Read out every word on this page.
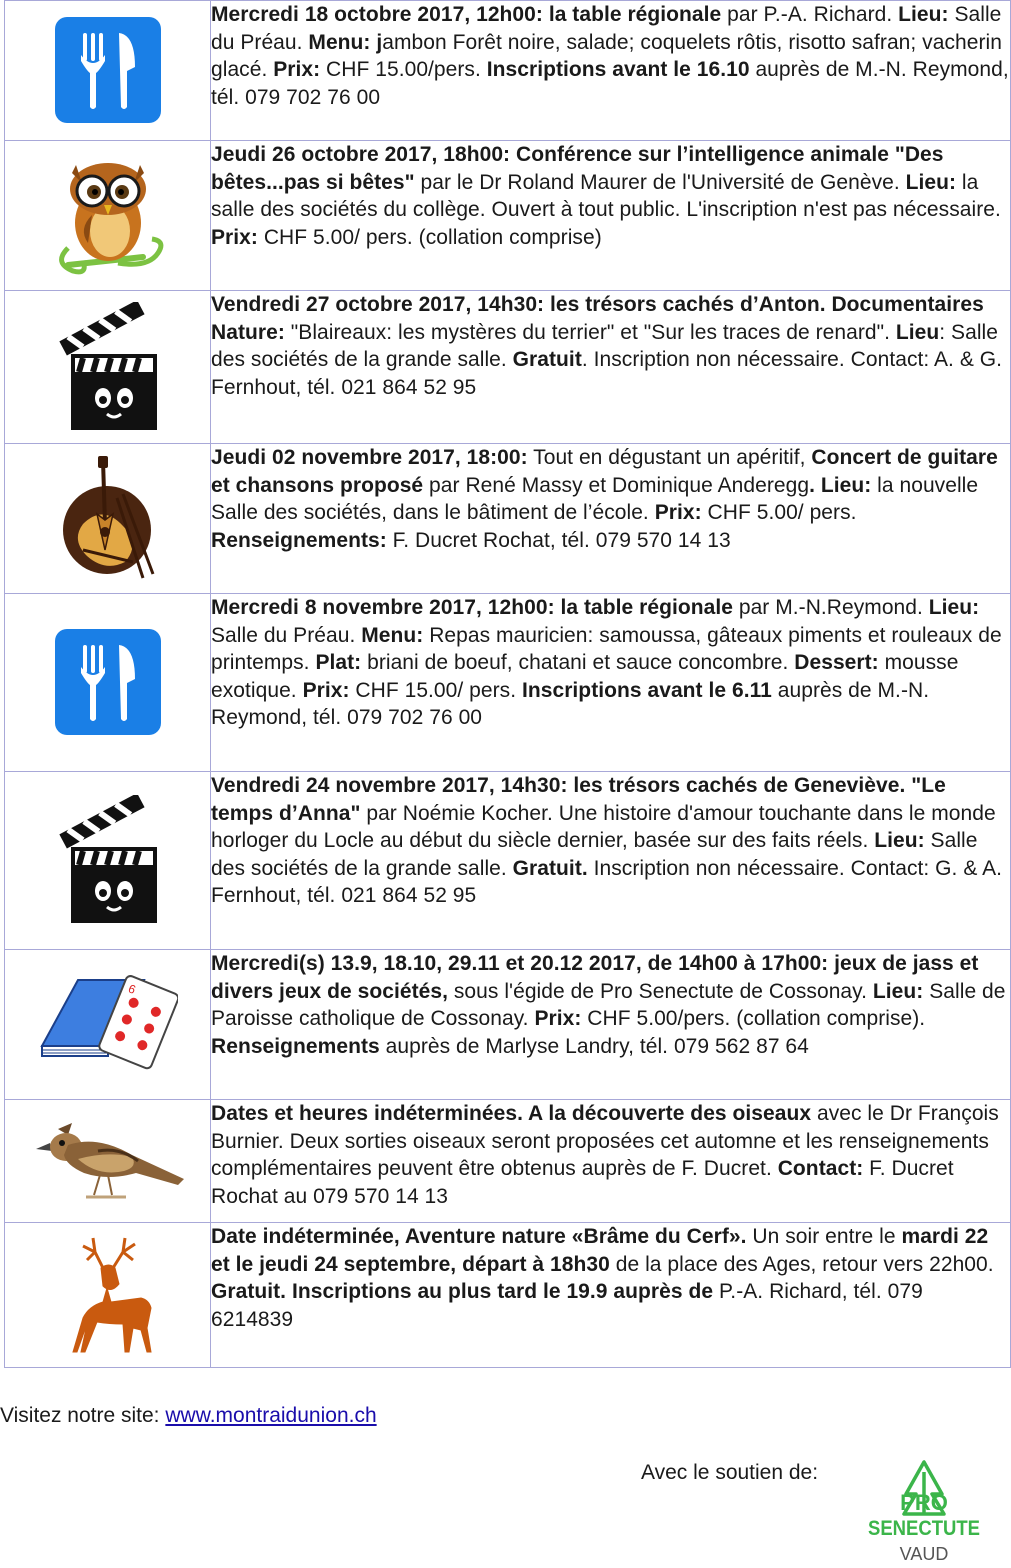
	Mercredi 18 octobre 2017, 12h00: la table régionale par P.-A. Richard. Lieu: Salle du Préau. Menu: jambon Forêt noire, salade; coquelets rôtis, risotto safran; vacherin glacé. Prix: CHF 15.00/pers. Inscriptions avant le 16.10 auprès de M.-N. Reymond, tél. 079 702 76 00

	Jeudi 26 octobre 2017, 18h00: Conférence sur l’intelligence animale "Des bêtes...pas si bêtes" par le Dr Roland Maurer de l'Université de Genève. Lieu: la salle des sociétés du collège. Ouvert à tout public. L'inscription n'est pas nécessaire. Prix: CHF 5.00/ pers. (collation comprise)

	Vendredi 27 octobre 2017, 14h30: les trésors cachés d’Anton. Documentaires Nature: "Blaireaux: les mystères du terrier" et "Sur les traces de renard". Lieu: Salle des sociétés de la grande salle. Gratuit. Inscription non nécessaire. Contact: A. & G. Fernhout, tél. 021 864 52 95

	Jeudi 02 novembre 2017, 18:00: Tout en dégustant un apéritif, Concert de guitare et chansons proposé par René Massy et Dominique Anderegg. Lieu: la nouvelle Salle des sociétés, dans le bâtiment de l’école. Prix: CHF 5.00/ pers. Renseignements: F. Ducret Rochat, tél. 079 570 14 13

	Mercredi 8 novembre 2017, 12h00: la table régionale par M.-N.Reymond. Lieu: Salle du Préau. Menu: Repas mauricien: samoussa, gâteaux piments et rouleaux de printemps. Plat: briani de boeuf, chatani et sauce concombre. Dessert: mousse exotique. Prix: CHF 15.00/ pers. Inscriptions avant le 6.11 auprès de M.-N. Reymond, tél. 079 702 76 00

	Vendredi 24 novembre 2017, 14h30: les trésors cachés de Geneviève. "Le temps d’Anna" par Noémie Kocher. Une histoire d'amour touchante dans le monde horloger du Locle au début du siècle dernier, basée sur des faits réels. Lieu: Salle des sociétés de la grande salle. Gratuit. Inscription non nécessaire. Contact: G. & A. Fernhout, tél. 021 864 52 95

6	Mercredi(s) 13.9, 18.10, 29.11 et 20.12 2017, de 14h00 à 17h00: jeux de jass et divers jeux de sociétés, sous l'égide de Pro Senectute de Cossonay. Lieu: Salle de Paroisse catholique de Cossonay. Prix: CHF 5.00/pers. (collation comprise). Renseignements auprès de Marlyse Landry, tél. 079 562 87 64

	Dates et heures indéterminées. A la découverte des oiseaux avec le Dr François Burnier. Deux sorties oiseaux seront proposées cet automne et les renseignements complémentaires peuvent être obtenus auprès de F. Ducret. Contact: F. Ducret Rochat au 079 570 14 13

	Date indéterminée, Aventure nature «Brâme du Cerf». Un soir entre le mardi 22 et le jeudi 24 septembre, départ à 18h30 de la place des Ages, retour vers 22h00. Gratuit. Inscriptions au plus tard le 19.9 auprès de P.-A. Richard, tél. 079 6214839
Visitez notre site: www.montraidunion.ch
Avec le soutien de:
PRO
SENECTUTE
VAUD
